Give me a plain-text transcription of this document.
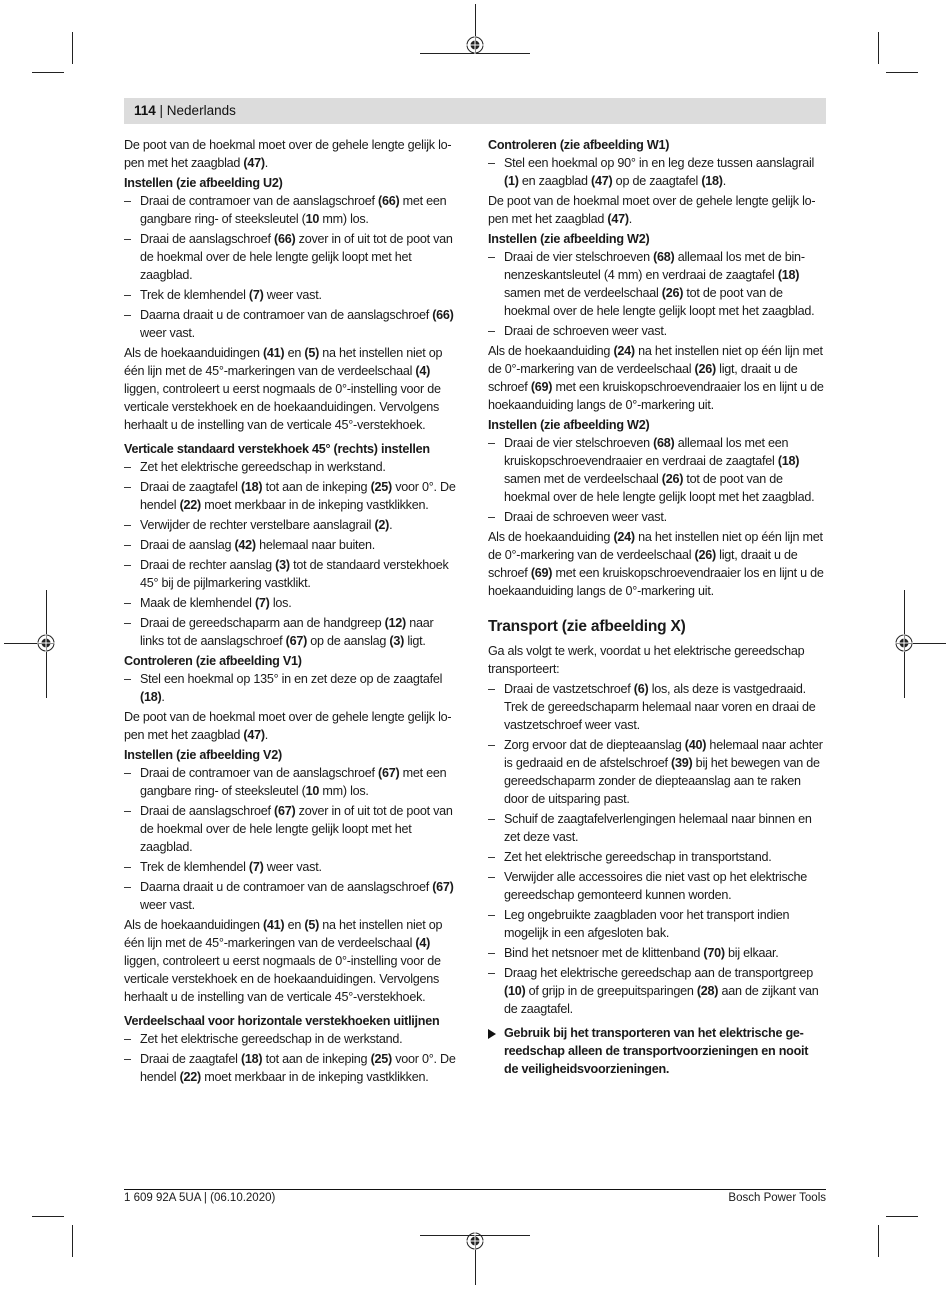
114 | Nederlands

De poot van de hoekmal moet over de gehele lengte gelijk lopen met het zaagblad (47).

Instellen (zie afbeelding U2)

– Draai de contramoer van de aanslagschroef (66) met een gangbare ring- of steeksleutel (10 mm) los.
– Draai de aanslagschroef (66) zover in of uit tot de poot van de hoekmal over de hele lengte gelijk loopt met het zaagblad.
– Trek de klemhendel (7) weer vast.
– Daarna draait u de contramoer van de aanslagschroef (66) weer vast.

Als de hoekaanduidingen (41) en (5) na het instellen niet op één lijn met de 45°-markeringen van de verdeelschaal (4) liggen, controleert u eerst nogmaals de 0°-instelling voor de verticale verstekhoek en de hoekaanduidingen. Vervolgens herhaalt u de instelling van de verticale 45°-verstekhoek.

Verticale standaard verstekhoek 45° (rechts) instellen

– Zet het elektrische gereedschap in werkstand.
– Draai de zaagtafel (18) tot aan de inkeping (25) voor 0°. De hendel (22) moet merkbaar in de inkeping vastklikken.
– Verwijder de rechter verstelbare aanslagrail (2).
– Draai de aanslag (42) helemaal naar buiten.
– Draai de rechter aanslag (3) tot de standaard verstekhoek 45° bij de pijlmarkering vastklikt.
– Maak de klemhendel (7) los.
– Draai de gereedschaparm aan de handgreep (12) naar links tot de aanslagschroef (67) op de aanslag (3) ligt.

Controleren (zie afbeelding V1)

– Stel een hoekmal op 135° in en zet deze op de zaagtafel (18).

De poot van de hoekmal moet over de gehele lengte gelijk lopen met het zaagblad (47).

Instellen (zie afbeelding V2)

– Draai de contramoer van de aanslagschroef (67) met een gangbare ring- of steeksleutel (10 mm) los.
– Draai de aanslagschroef (67) zover in of uit tot de poot van de hoekmal over de hele lengte gelijk loopt met het zaagblad.
– Trek de klemhendel (7) weer vast.
– Daarna draait u de contramoer van de aanslagschroef (67) weer vast.

Als de hoekaanduidingen (41) en (5) na het instellen niet op één lijn met de 45°-markeringen van de verdeelschaal (4) liggen, controleert u eerst nogmaals de 0°-instelling voor de verticale verstekhoek en de hoekaanduidingen. Vervolgens herhaalt u de instelling van de verticale 45°-verstekhoek.

Verdeelschaal voor horizontale verstekhoeken uitlijnen

– Zet het elektrische gereedschap in de werkstand.
– Draai de zaagtafel (18) tot aan de inkeping (25) voor 0°. De hendel (22) moet merkbaar in de inkeping vastklikken.

Controleren (zie afbeelding W1)

– Stel een hoekmal op 90° in en leg deze tussen aanslagrail (1) en zaagblad (47) op de zaagtafel (18).

De poot van de hoekmal moet over de gehele lengte gelijk lopen met het zaagblad (47).

Instellen (zie afbeelding W2)

– Draai de vier stelschroeven (68) allemaal los met de binnenzeskantsleutel (4 mm) en verdraai de zaagtafel (18) samen met de verdeelschaal (26) tot de poot van de hoekmal over de hele lengte gelijk loopt met het zaagblad.
– Draai de schroeven weer vast.

Als de hoekaanduiding (24) na het instellen niet op één lijn met de 0°-markering van de verdeelschaal (26) ligt, draait u de schroef (69) met een kruiskopschroevendraaier los en lijnt u de hoekaanduiding langs de 0°-markering uit.

Instellen (zie afbeelding W2)

– Draai de vier stelschroeven (68) allemaal los met een kruiskopschroevendraaier en verdraai de zaagtafel (18) samen met de verdeelschaal (26) tot de poot van de hoekmal over de hele lengte gelijk loopt met het zaagblad.
– Draai de schroeven weer vast.

Als de hoekaanduiding (24) na het instellen niet op één lijn met de 0°-markering van de verdeelschaal (26) ligt, draait u de schroef (69) met een kruiskopschroevendraaier los en lijnt u de hoekaanduiding langs de 0°-markering uit.

Transport (zie afbeelding X)

Ga als volgt te werk, voordat u het elektrische gereedschap transporteert:

– Draai de vastzetschroef (6) los, als deze is vastgedraaid. Trek de gereedschaparm helemaal naar voren en draai de vastzetschroef weer vast.
– Zorg ervoor dat de diepteaanslag (40) helemaal naar achter is gedraaid en de afstelschroef (39) bij het bewegen van de gereedschaparm zonder de diepteaanslag aan te raken door de uitsparing past.
– Schuif de zaagtafelverlengingen helemaal naar binnen en zet deze vast.
– Zet het elektrische gereedschap in transportstand.
– Verwijder alle accessoires die niet vast op het elektrische gereedschap gemonteerd kunnen worden.
– Leg ongebruikte zaagbladen voor het transport indien mogelijk in een afgesloten bak.
– Bind het netsnoer met de klittenband (70) bij elkaar.
– Draag het elektrische gereedschap aan de transportgreep (10) of grijp in de greepuitsparingen (28) aan de zijkant van de zaagtafel.
Gebruik bij het transporteren van het elektrische gereedschap alleen de transportvoorzieningen en nooit de veiligheidsvoorzieningen.
1 609 92A 5UA | (06.10.2020)	Bosch Power Tools
